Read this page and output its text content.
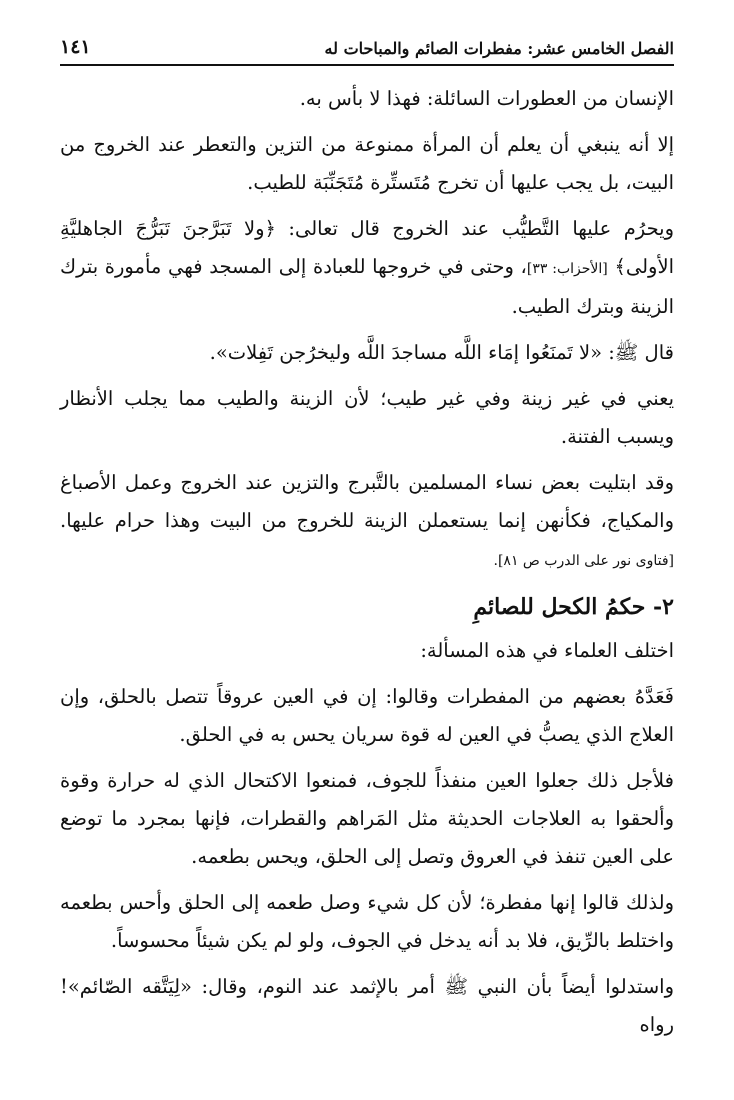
الفصل الخامس عشر: مفطرات الصائم والمباحات له
١٤١

الإنسان من العطورات السائلة: فهذا لا بأس به.

إلا أنه ينبغي أن يعلم أن المرأة ممنوعة من التزين والتعطر عند الخروج من البيت، بل يجب عليها أن تخرج مُتَستِّرة مُتَجَنِّبَة للطيب.

ويحرُم عليها التَّطيُّب عند الخروج قال تعالى: ﴿ولا تَبَرَّجنَ تَبَرُّجَ الجاهليَّةِ الأولى﴾ [الأحزاب: ٣٣]، وحتى في خروجها للعبادة إلى المسجد فهي مأمورة بترك الزينة وبترك الطيب.

قال ﷺ: «لا تَمنَعُوا إمَاء اللَّه مساجدَ اللَّه وليخرُجن تَفِلات».

يعني في غير زينة وفي غير طيب؛ لأن الزينة والطيب مما يجلب الأنظار ويسبب الفتنة.

وقد ابتليت بعض نساء المسلمين بالتَّبرج والتزين عند الخروج وعمل الأصباغ والمكياج، فكأنهن إنما يستعملن الزينة للخروج من البيت وهذا حرام عليها. [فتاوى نور على الدرب ص ٨١].

٢- حكمُ الكحل للصائمِ

اختلف العلماء في هذه المسألة:

فَعَدَّهُ بعضهم من المفطرات وقالوا: إن في العين عروقاً تتصل بالحلق، وإن العلاج الذي يصبُّ في العين له قوة سريان يحس به في الحلق.

فلأجل ذلك جعلوا العين منفذاً للجوف، فمنعوا الاكتحال الذي له حرارة وقوة وألحقوا به العلاجات الحديثة مثل المَراهم والقطرات، فإنها بمجرد ما توضع على العين تنفذ في العروق وتصل إلى الحلق، ويحس بطعمه.

ولذلك قالوا إنها مفطرة؛ لأن كل شيء وصل طعمه إلى الحلق وأحس بطعمه واختلط بالرِّيق، فلا بد أنه يدخل في الجوف، ولو لم يكن شيئاً محسوساً.

واستدلوا أيضاً بأن النبي ﷺ أمر بالإثمد عند النوم، وقال: «لِيَتَّقه الصّائم»! رواه
